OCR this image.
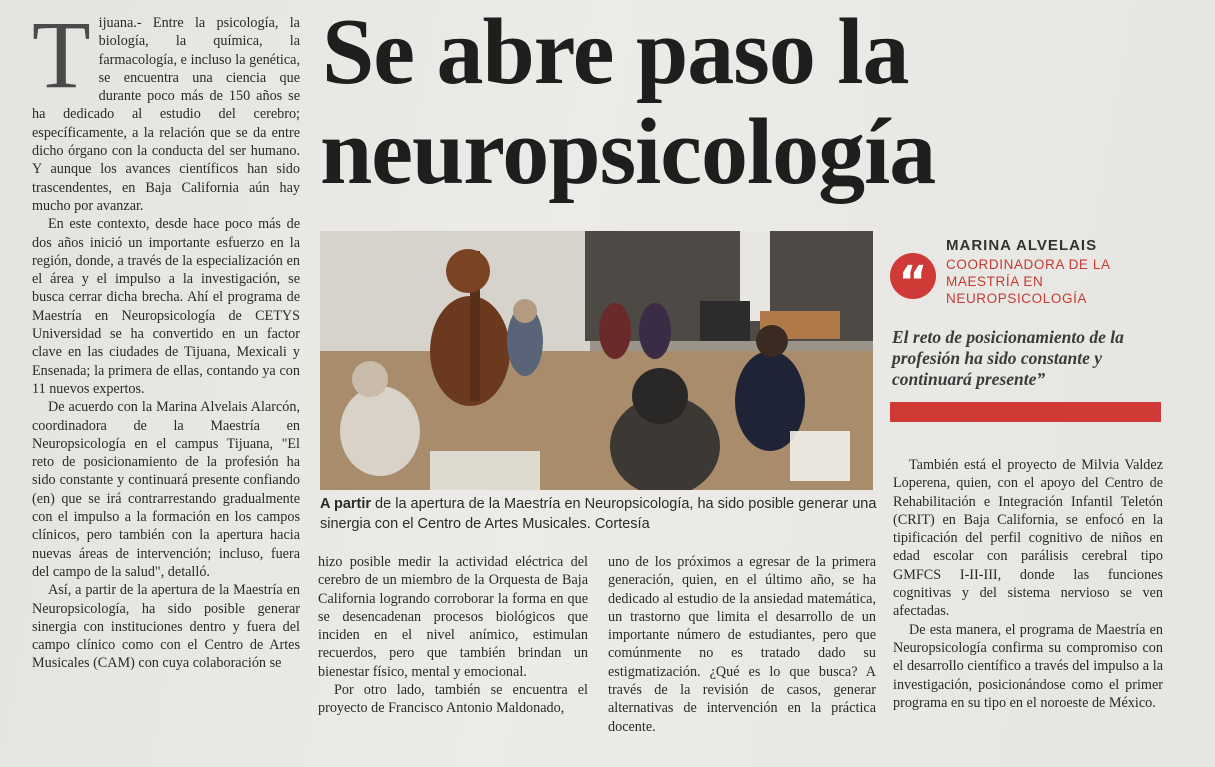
Se abre paso la
neuropsicología

Tijuana.- Entre la psicología, la biología, la química, la farmacología, e incluso la genética, se encuentra una ciencia que durante poco más de 150 años se ha dedicado al estudio del cerebro; específicamente, a la relación que se da entre dicho órgano con la conducta del ser humano. Y aunque los avances científicos han sido trascendentes, en Baja California aún hay mucho por avanzar.

En este contexto, desde hace poco más de dos años inició un importante esfuerzo en la región, donde, a través de la especialización en el área y el impulso a la investigación, se busca cerrar dicha brecha. Ahí el programa de Maestría en Neuropsicología de CETYS Universidad se ha convertido en un factor clave en las ciudades de Tijuana, Mexicali y Ensenada; la primera de ellas, contando ya con 11 nuevos expertos.

De acuerdo con la Marina Alvelais Alarcón, coordinadora de la Maestría en Neuropsicología en el campus Tijuana, "El reto de posicionamiento de la profesión ha sido constante y continuará presente confiando (en) que se irá contrarrestando gradualmente con el impulso a la formación en los campos clínicos, pero también con la apertura hacia nuevas áreas de intervención; incluso, fuera del campo de la salud", detalló.

Así, a partir de la apertura de la Maestría en Neuropsicología, ha sido posible generar sinergia con instituciones dentro y fuera del campo clínico como con el Centro de Artes Musicales (CAM) con cuya colaboración se

A partir de la apertura de la Maestría en Neuropsicología, ha sido posible generar una sinergia con el Centro de Artes Musicales. Cortesía
“
MARINA ALVELAIS
COORDINADORA DE LA MAESTRÍA EN NEUROPSICOLOGÍA
El reto de posicionamiento de la profesión ha sido constante y continuará presente”

hizo posible medir la actividad eléctrica del cerebro de un miembro de la Orquesta de Baja California logrando corroborar la forma en que se desencadenan procesos biológicos que inciden en el nivel anímico, estimulan recuerdos, pero que también brindan un bienestar físico, mental y emocional.

Por otro lado, también se encuentra el proyecto de Francisco Antonio Maldonado,

uno de los próximos a egresar de la primera generación, quien, en el último año, se ha dedicado al estudio de la ansiedad matemática, un trastorno que limita el desarrollo de un importante número de estudiantes, pero que comúnmente no es tratado dado su estigmatización. ¿Qué es lo que busca? A través de la revisión de casos, generar alternativas de intervención en la práctica docente.

También está el proyecto de Milvia Valdez Loperena, quien, con el apoyo del Centro de Rehabilitación e Integración Infantil Teletón (CRIT) en Baja California, se enfocó en la tipificación del perfil cognitivo de niños en edad escolar con parálisis cerebral tipo GMFCS I-II-III, donde las funciones cognitivas y del sistema nervioso se ven afectadas.

De esta manera, el programa de Maestría en Neuropsicología confirma su compromiso con el desarrollo científico a través del impulso a la investigación, posicionándose como el primer programa en su tipo en el noroeste de México.
